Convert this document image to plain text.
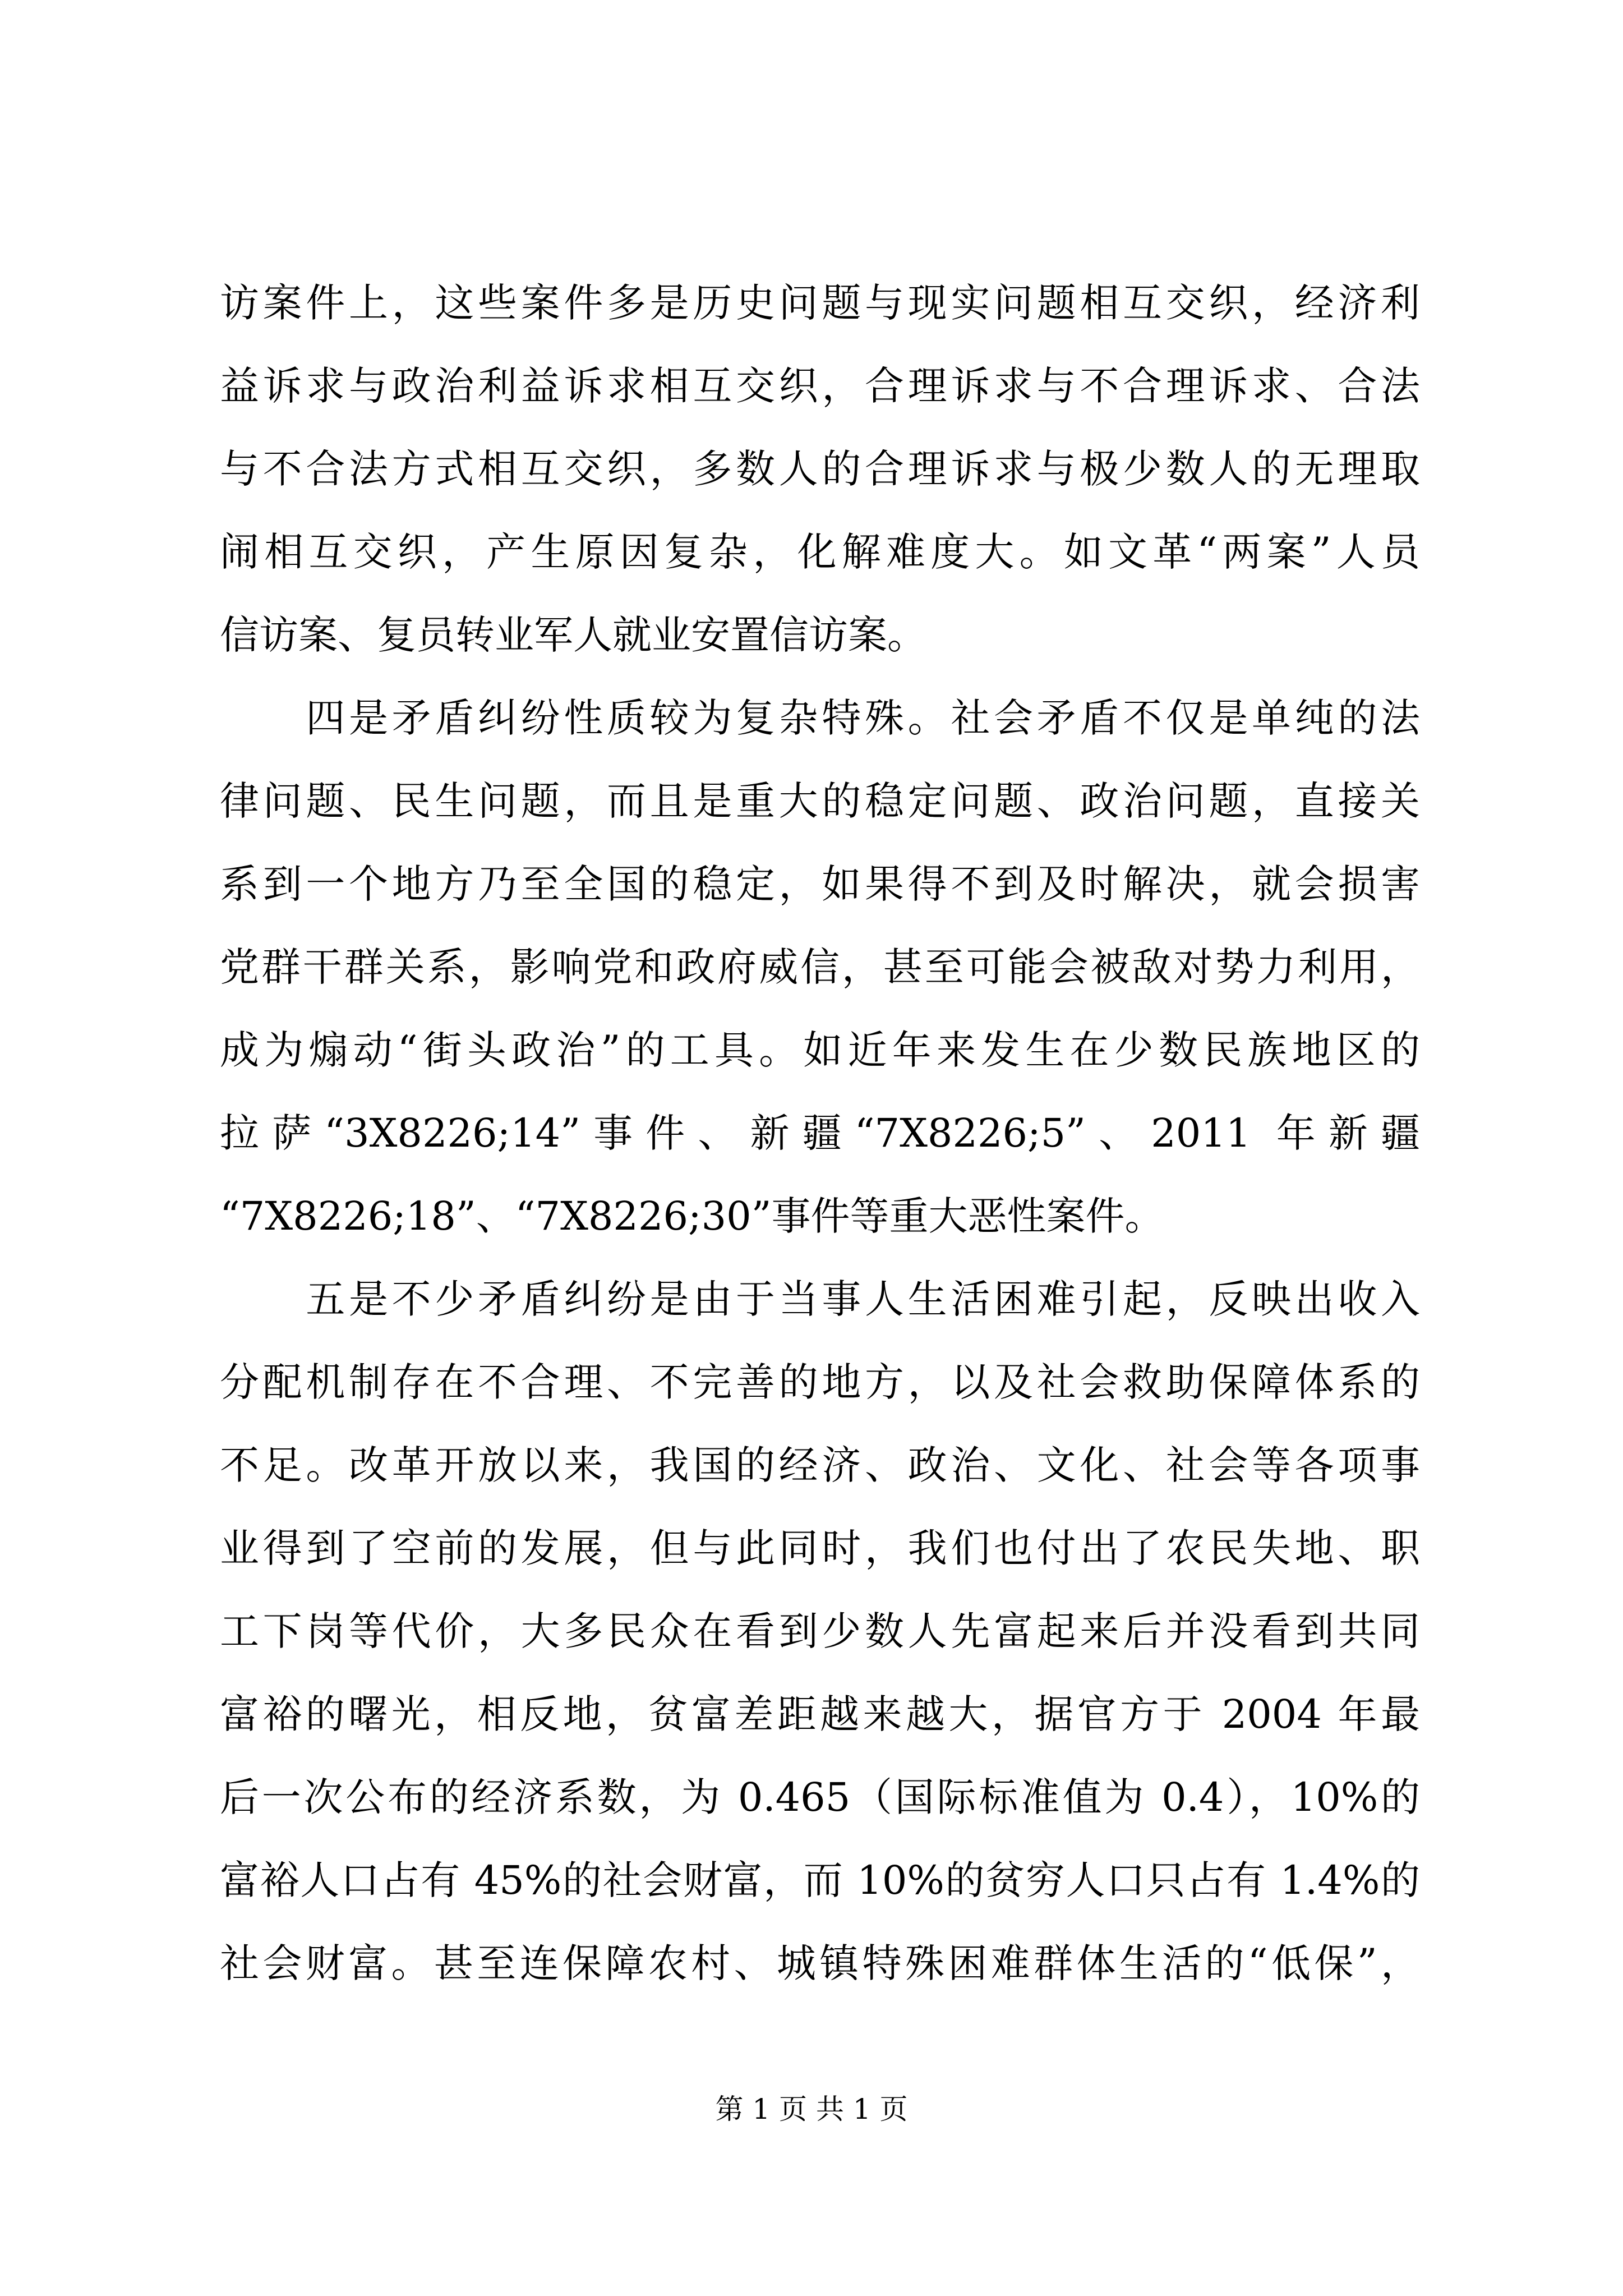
访案件上，这些案件多是历史问题与现实问题相互交织，经济利
益诉求与政治利益诉求相互交织，合理诉求与不合理诉求、合法
与不合法方式相互交织，多数人的合理诉求与极少数人的无理取
闹相互交织，产生原因复杂，化解难度大。如文革“两案”人员
信访案、复员转业军人就业安置信访案。
　　四是矛盾纠纷性质较为复杂特殊。社会矛盾不仅是单纯的法
律问题、民生问题，而且是重大的稳定问题、政治问题，直接关
系到一个地方乃至全国的稳定，如果得不到及时解决，就会损害
党群干群关系，影响党和政府威信，甚至可能会被敌对势力利用，
成为煽动“街头政治”的工具。如近年来发生在少数民族地区的
拉萨“3X8226;14”事件、新疆“7X8226;5”、2011 年新疆
“7X8226;18”、“7X8226;30”事件等重大恶性案件。
　　五是不少矛盾纠纷是由于当事人生活困难引起，反映出收入
分配机制存在不合理、不完善的地方，以及社会救助保障体系的
不足。改革开放以来，我国的经济、政治、文化、社会等各项事
业得到了空前的发展，但与此同时，我们也付出了农民失地、职
工下岗等代价，大多民众在看到少数人先富起来后并没看到共同
富裕的曙光，相反地，贫富差距越来越大，据官方于 2004 年最
后一次公布的经济系数，为 0.465（国际标准值为 0.4），10%的
富裕人口占有 45%的社会财富，而 10%的贫穷人口只占有 1.4%的
社会财富。甚至连保障农村、城镇特殊困难群体生活的“低保”，
第 1 页 共 1 页
